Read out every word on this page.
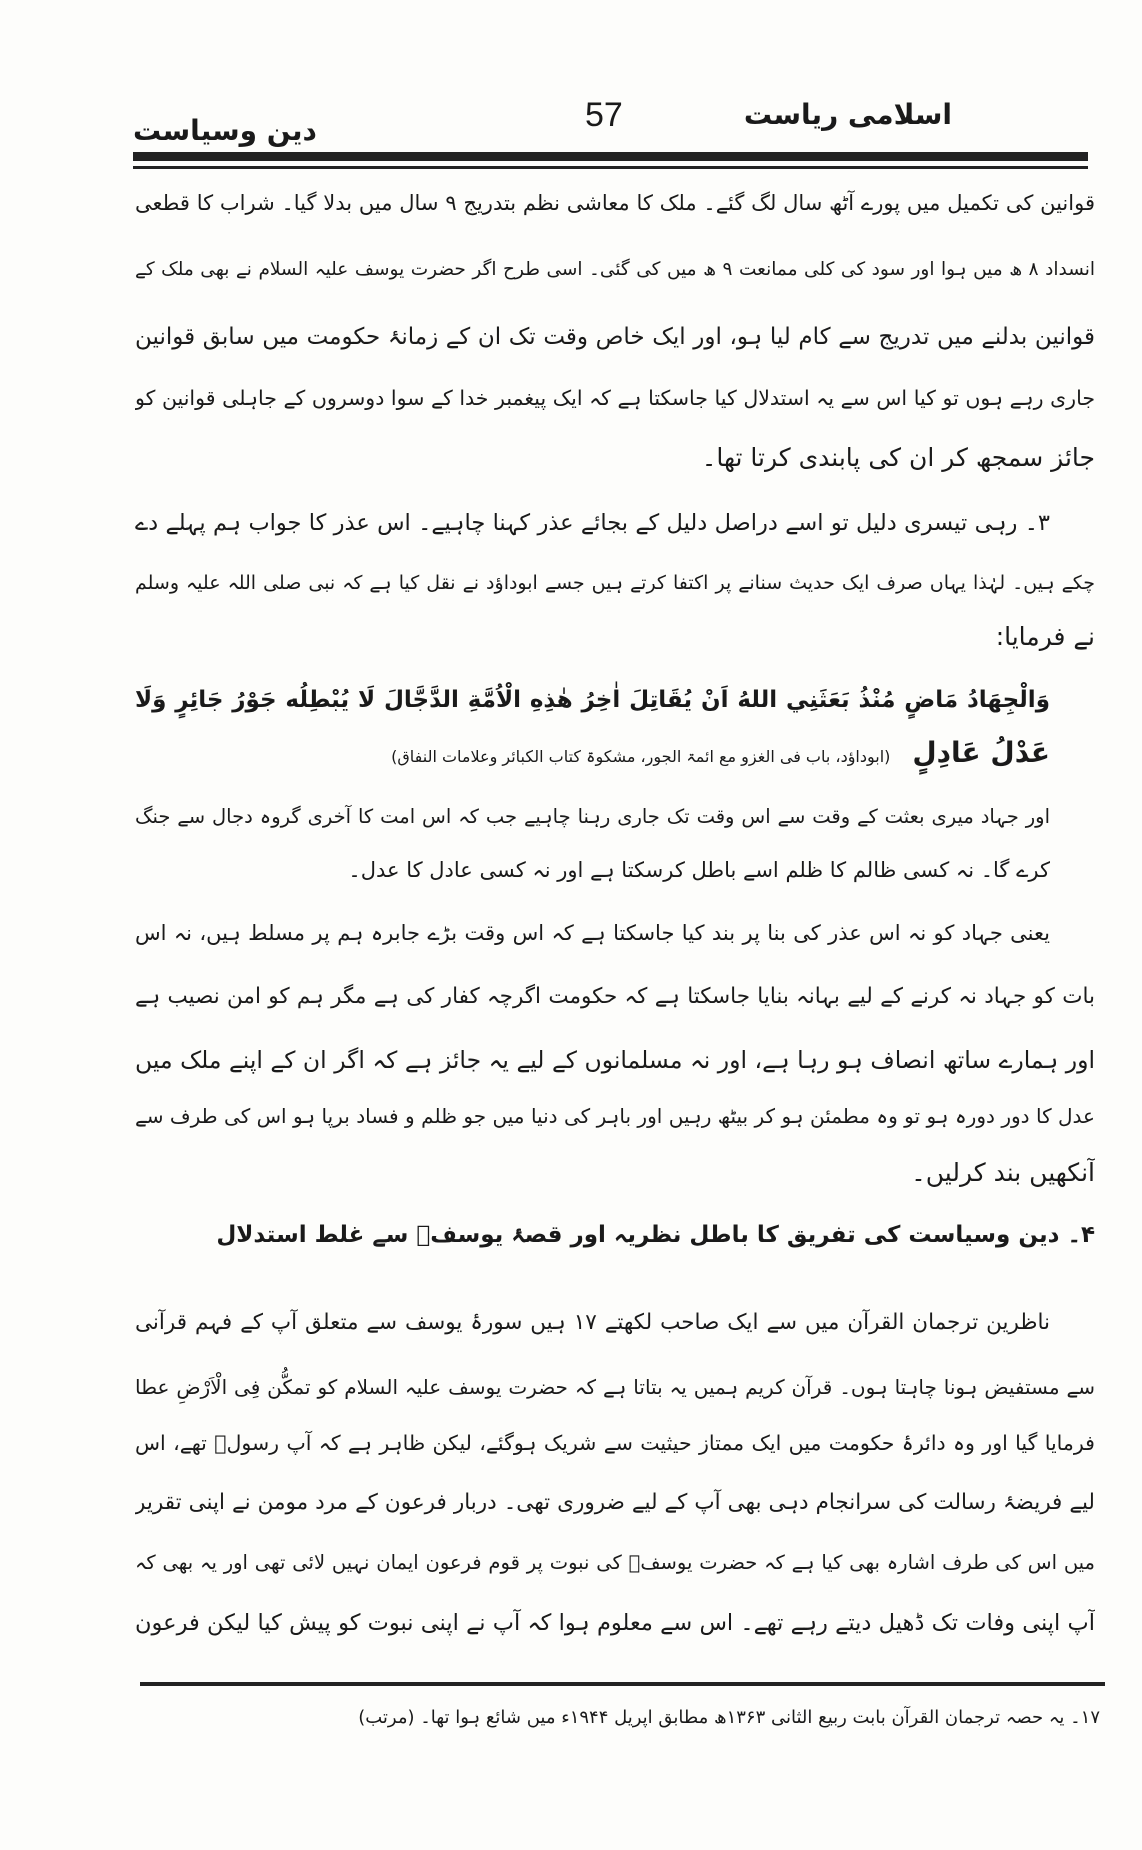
اسلامی ریاست
57
دین وسیاست
قوانین کی تکمیل میں پورے آٹھ سال لگ گئے۔ ملک کا معاشی نظم بتدریج ۹ سال میں بدلا گیا۔ شراب کا قطعی
انسداد ۸ ھ میں ہوا اور سود کی کلی ممانعت ۹ ھ میں کی گئی۔ اسی طرح اگر حضرت یوسف علیہ السلام نے بھی ملک کے
قوانین بدلنے میں تدریج سے کام لیا ہو، اور ایک خاص وقت تک ان کے زمانۂ حکومت میں سابق قوانین
جاری رہے ہوں تو کیا اس سے یہ استدلال کیا جاسکتا ہے کہ ایک پیغمبر خدا کے سوا دوسروں کے جاہلی قوانین کو
جائز سمجھ کر ان کی پابندی کرتا تھا۔
۳۔ رہی تیسری دلیل تو اسے دراصل دلیل کے بجائے عذر کہنا چاہیے۔ اس عذر کا جواب ہم پہلے دے
چکے ہیں۔ لہٰذا یہاں صرف ایک حدیث سنانے پر اکتفا کرتے ہیں جسے ابوداؤد نے نقل کیا ہے کہ نبی صلی اللہ علیہ وسلم
نے فرمایا:
وَالْجِهَادُ مَاضٍ مُنْذُ بَعَثَنِي اللهُ اَنْ يُقَاتِلَ اٰخِرُ هٰذِهِ الْاُمَّةِ الدَّجَّالَ لَا يُبْطِلُه جَوْرُ جَائِرٍ وَلَا
عَدْلُ عَادِلٍ (ابوداؤد، باب فی الغزو مع ائمۃ الجور، مشکوۃ کتاب الکبائر وعلامات النفاق)
اور جہاد میری بعثت کے وقت سے اس وقت تک جاری رہنا چاہیے جب کہ اس امت کا آخری گروہ دجال سے جنگ
کرے گا۔ نہ کسی ظالم کا ظلم اسے باطل کرسکتا ہے اور نہ کسی عادل کا عدل۔
یعنی جہاد کو نہ اس عذر کی بنا پر بند کیا جاسکتا ہے کہ اس وقت بڑے جابرہ ہم پر مسلط ہیں، نہ اس
بات کو جہاد نہ کرنے کے لیے بہانہ بنایا جاسکتا ہے کہ حکومت اگرچہ کفار کی ہے مگر ہم کو امن نصیب ہے
اور ہمارے ساتھ انصاف ہو رہا ہے، اور نہ مسلمانوں کے لیے یہ جائز ہے کہ اگر ان کے اپنے ملک میں
عدل کا دور دورہ ہو تو وہ مطمئن ہو کر بیٹھ رہیں اور باہر کی دنیا میں جو ظلم و فساد برپا ہو اس کی طرف سے
آنکھیں بند کرلیں۔
۴۔ دین وسیاست کی تفریق کا باطل نظریہ اور قصۂ یوسفؑ سے غلط استدلال
ناظرین ترجمان القرآن میں سے ایک صاحب لکھتے ۱۷ ہیں سورۂ یوسف سے متعلق آپ کے فہم قرآنی
سے مستفیض ہونا چاہتا ہوں۔ قرآن کریم ہمیں یہ بتاتا ہے کہ حضرت یوسف علیہ السلام کو تمکُّن فِی الْاَرْضِ عطا
فرمایا گیا اور وہ دائرۂ حکومت میں ایک ممتاز حیثیت سے شریک ہوگئے، لیکن ظاہر ہے کہ آپ رسولؑ تھے، اس
لیے فریضۂ رسالت کی سرانجام دہی بھی آپ کے لیے ضروری تھی۔ دربار فرعون کے مرد مومن نے اپنی تقریر
میں اس کی طرف اشارہ بھی کیا ہے کہ حضرت یوسفؑ کی نبوت پر قوم فرعون ایمان نہیں لائی تھی اور یہ بھی کہ
آپ اپنی وفات تک ڈھیل دیتے رہے تھے۔ اس سے معلوم ہوا کہ آپ نے اپنی نبوت کو پیش کیا لیکن فرعون
۱۷۔ یہ حصہ ترجمان القرآن بابت ربیع الثانی ۱۳۶۳ھ مطابق اپریل ۱۹۴۴ء میں شائع ہوا تھا۔ (مرتب)
